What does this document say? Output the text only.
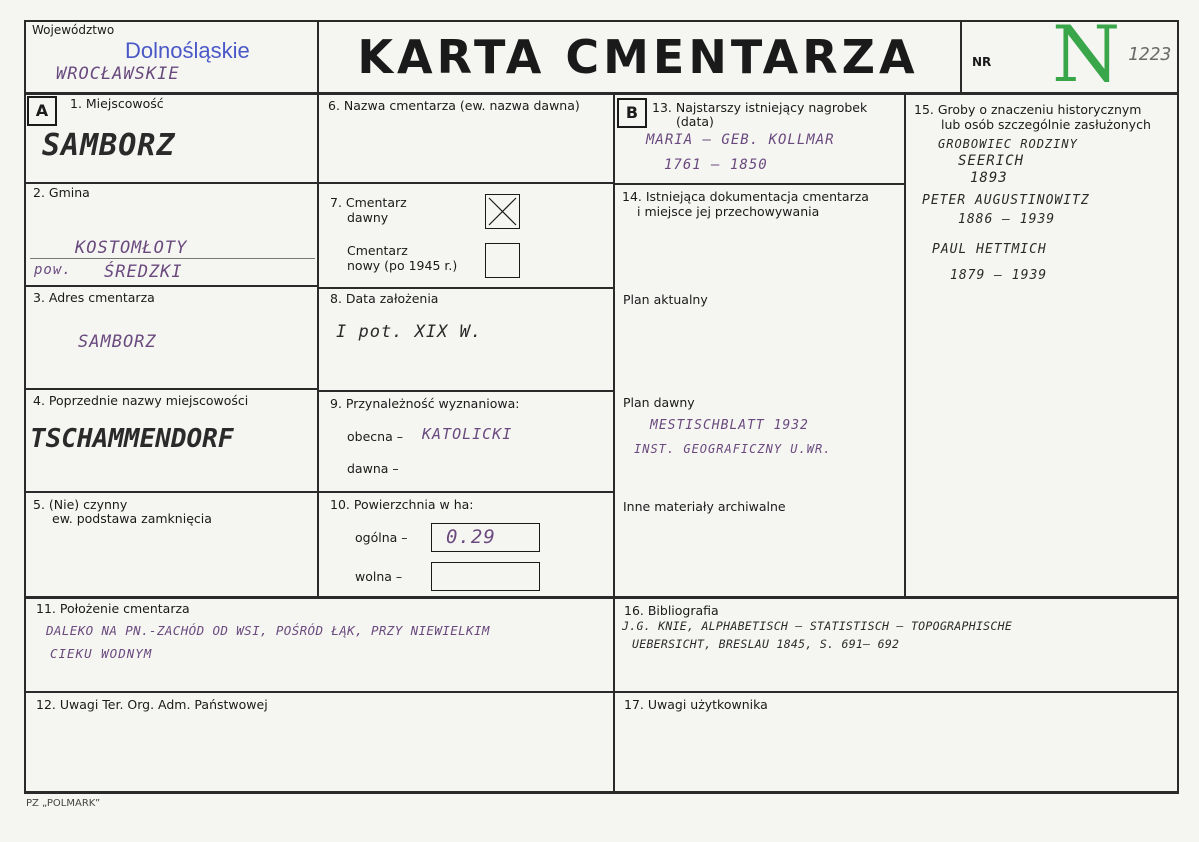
Województwo
Dolnośląskie
WROCŁAWSKIE	KARTA CMENTARZA	NR N 1223
A	B
1. Miejscowość
SAMBORZ
2. Gmina
KOSTOMŁOTY
pow. ŚREDZKI
3. Adres cmentarza
SAMBORZ
4. Poprzednie nazwy miejscowości
TSCHAMMENDORF
5. (Nie) czynny
ew. podstawa zamknięcia
6. Nazwa cmentarza (ew. nazwa dawna)
7. Cmentarz
dawny
Cmentarz
nowy (po 1945 r.)
8. Data założenia
I pot. XIX W.
9. Przynależność wyznaniowa:
obecna – KATOLICKI
dawna –
10. Powierzchnia w ha:
ogólna – 0.29
wolna –
13. Najstarszy istniejący nagrobek
(data)
MARIA – GEB. KOLLMAR
1761 – 1850
14. Istniejąca dokumentacja cmentarza
i miejsce jej przechowywania
Plan aktualny
Plan dawny
MESTISCHBLATT 1932
INST. GEOGRAFICZNY U.WR.
Inne materiały archiwalne
15. Groby o znaczeniu historycznym
lub osób szczególnie zasłużonych
GROBOWIEC RODZINY
SEERICH
1893
PETER AUGUSTINOWITZ
1886 – 1939
PAUL HETTMICH
1879 – 1939
11. Położenie cmentarza
DALEKO NA PN.-ZACHÓD OD WSI, POŚRÓD ŁĄK, PRZY NIEWIELKIM
CIEKU WODNYM
16. Bibliografia
J.G. KNIE, ALPHABETISCH – STATISTISCH – TOPOGRAPHISCHE
UEBERSICHT, BRESLAU 1845, S. 691– 692
12. Uwagi Ter. Org. Adm. Państwowej	17. Uwagi użytkownika
PZ „POLMARK”
